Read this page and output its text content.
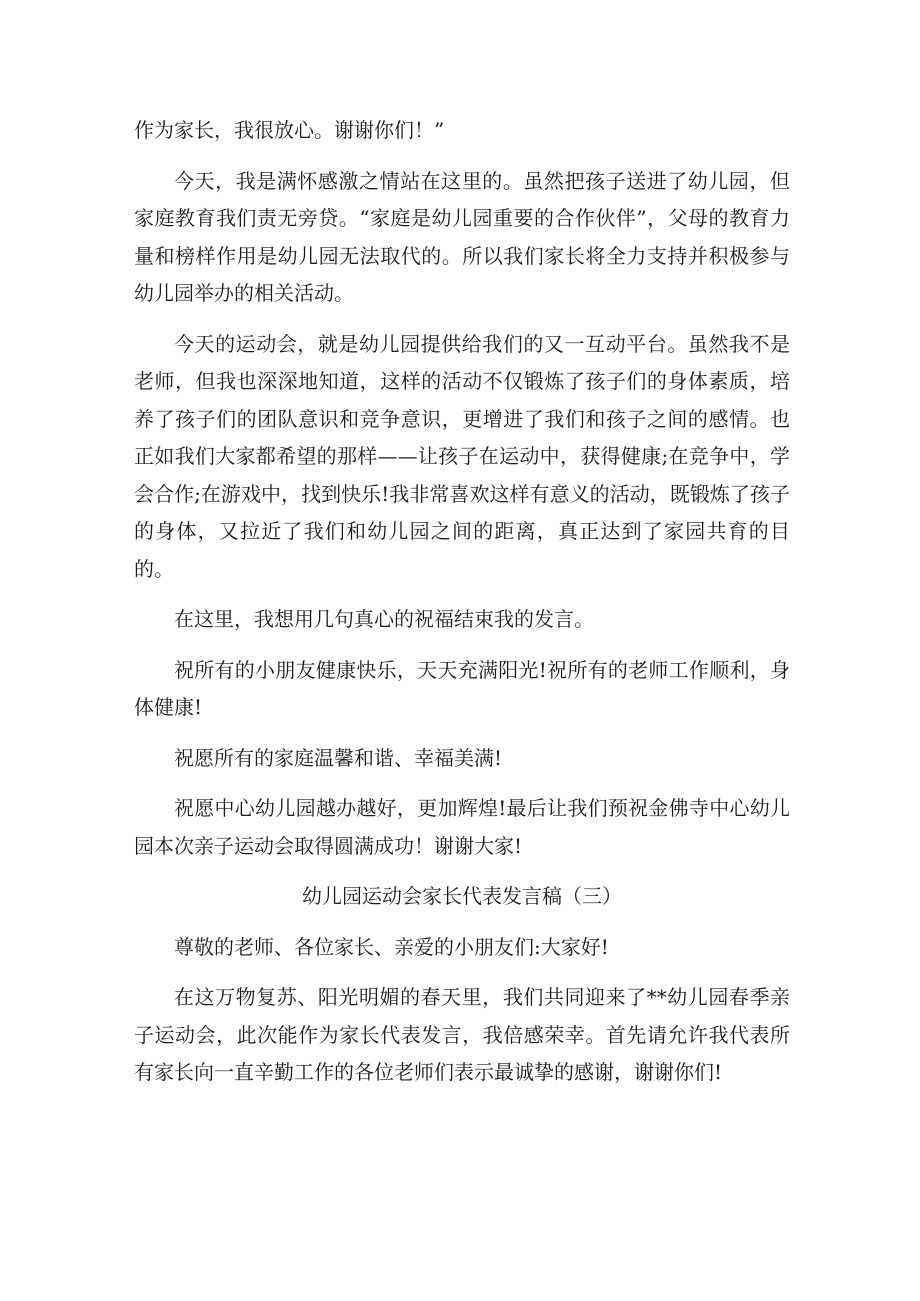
作为家长，我很放心。谢谢你们！”

今天，我是满怀感激之情站在这里的。虽然把孩子送进了幼儿园，但家庭教育我们责无旁贷。“家庭是幼儿园重要的合作伙伴”，父母的教育力量和榜样作用是幼儿园无法取代的。所以我们家长将全力支持并积极参与幼儿园举办的相关活动。

今天的运动会，就是幼儿园提供给我们的又一互动平台。虽然我不是老师，但我也深深地知道，这样的活动不仅锻炼了孩子们的身体素质，培养了孩子们的团队意识和竞争意识，更增进了我们和孩子之间的感情。也正如我们大家都希望的那样——让孩子在运动中，获得健康;在竞争中，学会合作;在游戏中，找到快乐!我非常喜欢这样有意义的活动，既锻炼了孩子的身体，又拉近了我们和幼儿园之间的距离，真正达到了家园共育的目的。

在这里，我想用几句真心的祝福结束我的发言。

祝所有的小朋友健康快乐，天天充满阳光!祝所有的老师工作顺利，身体健康!

祝愿所有的家庭温馨和谐、幸福美满!

祝愿中心幼儿园越办越好，更加辉煌!最后让我们预祝金佛寺中心幼儿园本次亲子运动会取得圆满成功！谢谢大家!

幼儿园运动会家长代表发言稿（三）

尊敬的老师、各位家长、亲爱的小朋友们:大家好!

在这万物复苏、阳光明媚的春天里，我们共同迎来了**幼儿园春季亲子运动会，此次能作为家长代表发言，我倍感荣幸。首先请允许我代表所有家长向一直辛勤工作的各位老师们表示最诚挚的感谢，谢谢你们!
